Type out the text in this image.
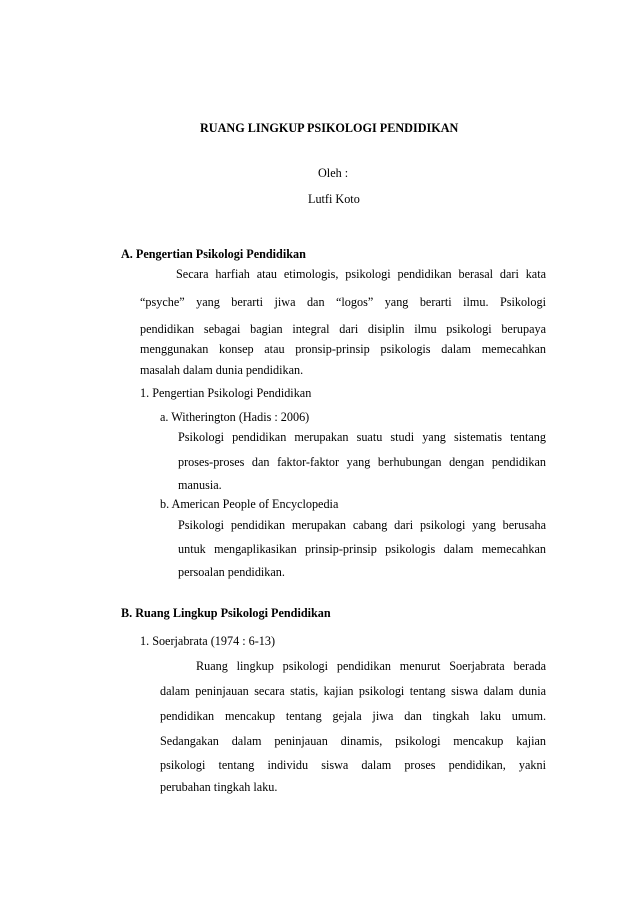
RUANG LINGKUP PSIKOLOGI PENDIDIKAN
Oleh :
Lutfi Koto
A. Pengertian Psikologi Pendidikan
Secara harfiah atau etimologis, psikologi pendidikan berasal dari kata
“psyche” yang berarti jiwa dan “logos” yang berarti ilmu. Psikologi
pendidikan sebagai bagian integral dari disiplin ilmu psikologi berupaya
menggunakan konsep atau pronsip-prinsip psikologis dalam memecahkan
masalah dalam dunia pendidikan.
1. Pengertian Psikologi Pendidikan
a. Witherington (Hadis : 2006)
Psikologi pendidikan merupakan suatu studi yang sistematis tentang
proses-proses dan faktor-faktor yang berhubungan dengan pendidikan
manusia.
b. American People of Encyclopedia
Psikologi pendidikan merupakan cabang dari psikologi yang berusaha
untuk mengaplikasikan prinsip-prinsip psikologis dalam memecahkan
persoalan pendidikan.
B. Ruang Lingkup Psikologi Pendidikan
1. Soerjabrata (1974 : 6-13)
Ruang lingkup psikologi pendidikan menurut Soerjabrata berada
dalam peninjauan secara statis, kajian psikologi tentang siswa dalam dunia
pendidikan mencakup tentang gejala jiwa dan tingkah laku umum.
Sedangakan dalam peninjauan dinamis, psikologi mencakup kajian
psikologi tentang individu siswa dalam proses pendidikan, yakni
perubahan tingkah laku.
